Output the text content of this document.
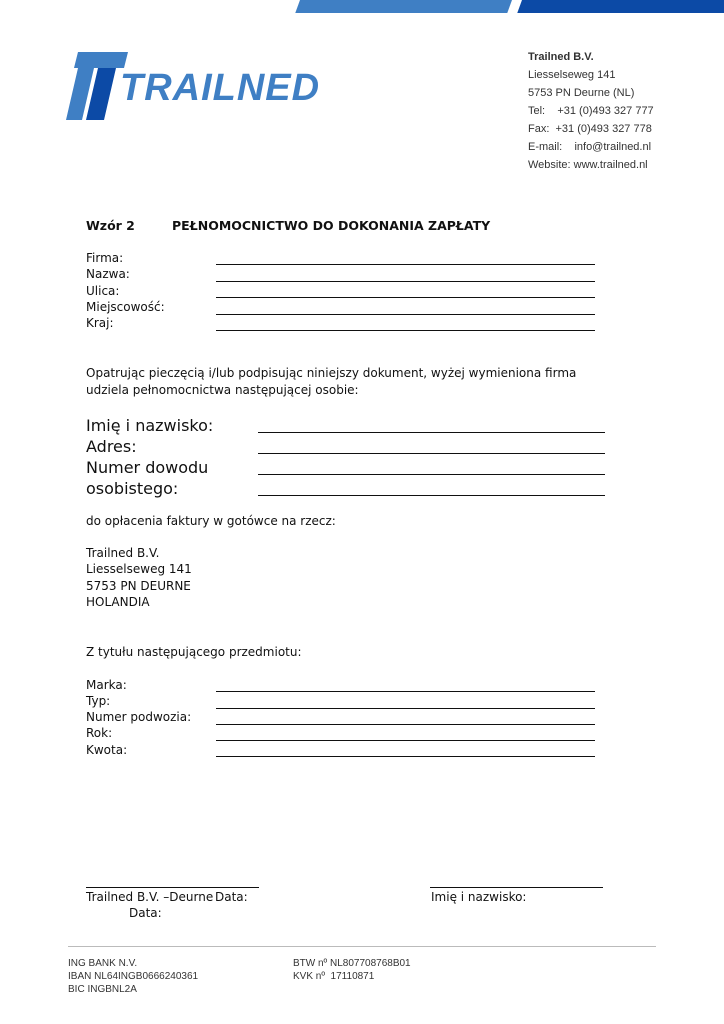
TRAILNED
Trailned B.V.
Liesselseweg 141
5753 PN Deurne (NL)
Tel:    +31 (0)493 327 777
Fax:  +31 (0)493 327 778
E-mail:    info@trailned.nl
Website: www.trailned.nl
Wzór 2	PEŁNOMOCNICTWO DO DOKONANIA ZAPŁATY
Firma:
Nazwa:
Ulica:
Miejscowość:
Kraj:
Opatrując pieczęcią i/lub podpisując niniejszy dokument, wyżej wymieniona firma udziela pełnomocnictwa następującej osobie:
Imię i nazwisko:
Adres:
Numer dowodu
osobistego:
do opłacenia faktury w gotówce na rzecz:
Trailned B.V.
Liesselseweg 141
5753 PN DEURNE
HOLANDIA
Z tytułu następującego przedmiotu:
Marka:
Typ:
Numer podwozia:
Rok:
Kwota:
Trailned B.V. –Deurne Data:
Data:
Imię i nazwisko:
ING BANK N.V.
IBAN NL64INGB0666240361
BIC INGBNL2A
BTW nº NL807708768B01
KVK nº  17110871
